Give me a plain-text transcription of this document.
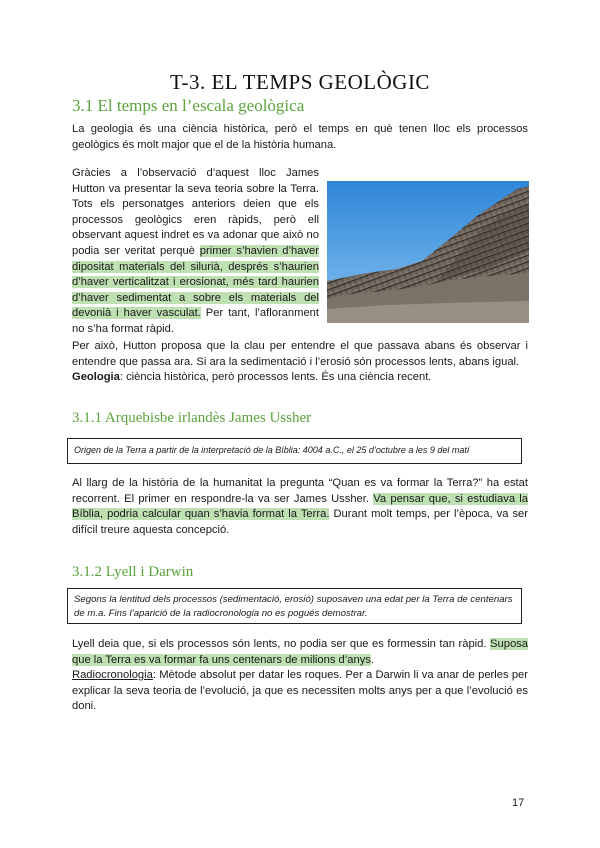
T-3. EL TEMPS GEOLÒGIC
3.1 El temps en l’escala geològica

La geologia és una ciència històrica, però el temps en què tenen lloc els processos geològics és molt major que el de la història humana.

Gràcies a l’observació d’aquest lloc James Hutton va presentar la seva teoria sobre la Terra. Tots els personatges anteriors deien que els processos geològics eren ràpids, però ell observant aquest indret es va adonar que això no podia ser veritat perquè primer s’havien d’haver dipositat materials del silurià, després s’haurien d’haver verticalitzat i erosionat, més tard haurien d’haver sedimentat a sobre els materials del devonià i haver vasculat. Per tant, l’afloranment no s’ha format ràpid.

Per això, Hutton proposa que la clau per entendre el que passava abans és observar i entendre que passa ara. Si ara la sedimentació i l’erosió són processos lents, abans igual.

Geologia: ciència històrica, però processos lents. És una ciència recent.

3.1.1 Arquebisbe irlandès James Ussher
Origen de la Terra a partir de la interpretació de la Bíblia: 4004 a.C., el 25 d’octubre a les 9 del matí

Al llarg de la història de la humanitat la pregunta “Quan es va formar la Terra?” ha estat recorrent. El primer en respondre-la va ser James Ussher. Va pensar que, si estudiava la Bíblia, podria calcular quan s’havia format la Terra. Durant molt temps, per l’època, va ser difícil treure aquesta concepció.

3.1.2 Lyell i Darwin
Segons la lentitud dels processos (sedimentació, erosió) suposaven una edat per la Terra de centenars de m.a. Fins l’aparició de la radiocronologia no es pogués demostrar.

Lyell deia que, si els processos són lents, no podia ser que es formessin tan ràpid. Suposa que la Terra es va formar fa uns centenars de milions d’anys.

Radiocronologia: Mètode absolut per datar les roques. Per a Darwin li va anar de perles per explicar la seva teoria de l’evolució, ja que es necessiten molts anys per a que l’evolució es doni.

17
